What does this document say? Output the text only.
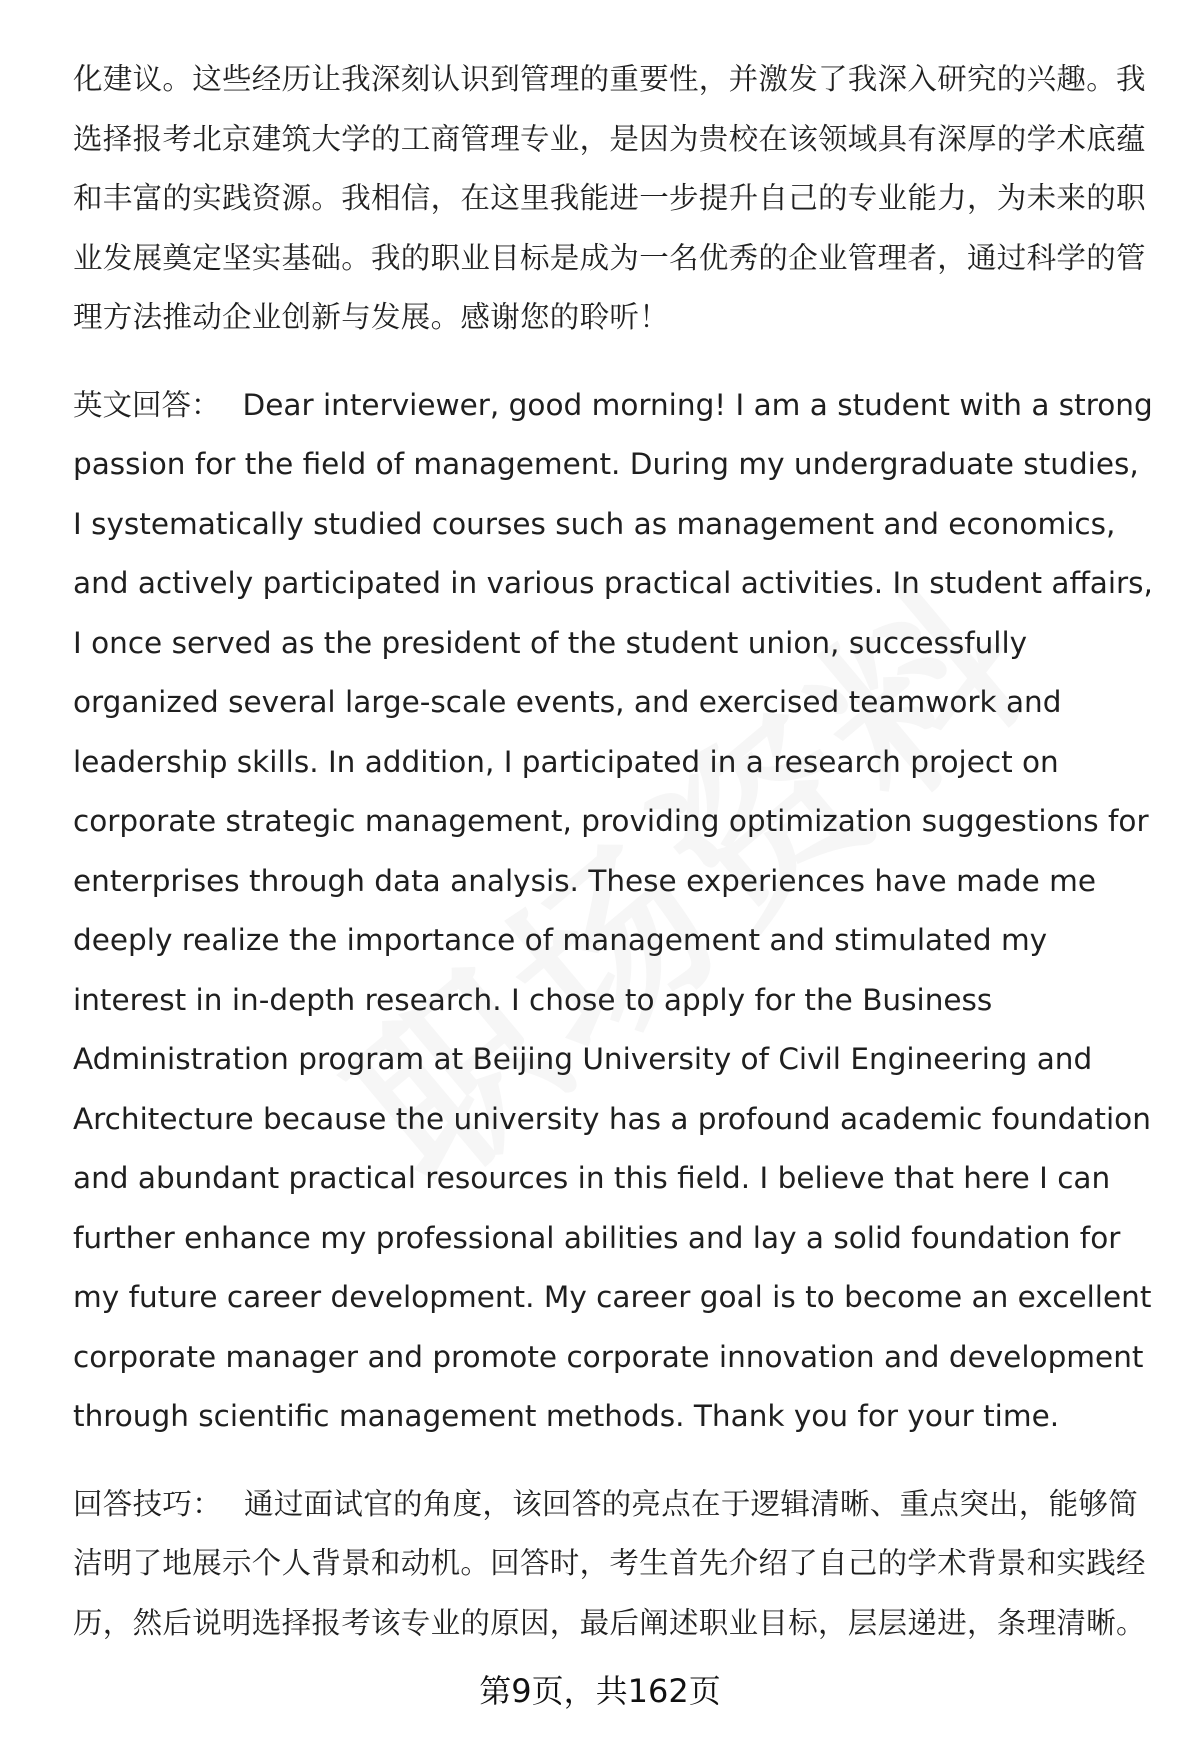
化建议。这些经历让我深刻认识到管理的重要性，并激发了我深入研究的兴趣。我选择报考北京建筑大学的工商管理专业，是因为贵校在该领域具有深厚的学术底蕴和丰富的实践资源。我相信，在这里我能进一步提升自己的专业能力，为未来的职业发展奠定坚实基础。我的职业目标是成为一名优秀的企业管理者，通过科学的管理方法推动企业创新与发展。感谢您的聆听！

英文回答： Dear interviewer, good morning! I am a student with a strong passion for the field of management. During my undergraduate studies, I systematically studied courses such as management and economics, and actively participated in various practical activities. In student affairs, I once served as the president of the student union, successfully organized several large-scale events, and exercised teamwork and leadership skills. In addition, I participated in a research project on corporate strategic management, providing optimization suggestions for enterprises through data analysis. These experiences have made me deeply realize the importance of management and stimulated my interest in in-depth research. I chose to apply for the Business Administration program at Beijing University of Civil Engineering and Architecture because the university has a profound academic foundation and abundant practical resources in this field. I believe that here I can further enhance my professional abilities and lay a solid foundation for my future career development. My career goal is to become an excellent corporate manager and promote corporate innovation and development through scientific management methods. Thank you for your time.

回答技巧： 通过面试官的角度，该回答的亮点在于逻辑清晰、重点突出，能够简洁明了地展示个人背景和动机。回答时，考生首先介绍了自己的学术背景和实践经历，然后说明选择报考该专业的原因，最后阐述职业目标，层层递进，条理清晰。

第9页，共162页
